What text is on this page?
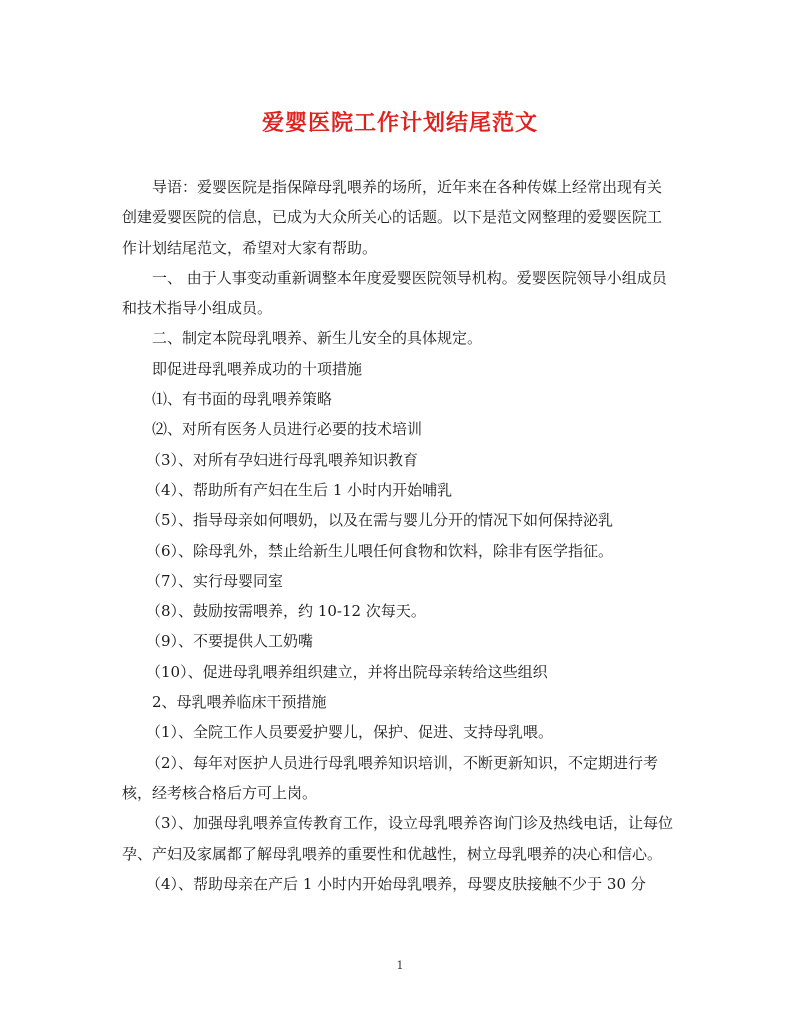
爱婴医院工作计划结尾范文

导语：爱婴医院是指保障母乳喂养的场所，近年来在各种传媒上经常出现有关创建爱婴医院的信息，已成为大众所关心的话题。以下是范文网整理的爱婴医院工作计划结尾范文，希望对大家有帮助。

一、 由于人事变动重新调整本年度爱婴医院领导机构。爱婴医院领导小组成员和技术指导小组成员。

二、制定本院母乳喂养、新生儿安全的具体规定。

即促进母乳喂养成功的十项措施

⑴、有书面的母乳喂养策略

⑵、对所有医务人员进行必要的技术培训

（3）、对所有孕妇进行母乳喂养知识教育

（4）、帮助所有产妇在生后 1 小时内开始哺乳

（5）、指导母亲如何喂奶，以及在需与婴儿分开的情况下如何保持泌乳

（6）、除母乳外，禁止给新生儿喂任何食物和饮料，除非有医学指征。

（7）、实行母婴同室

（8）、鼓励按需喂养，约 10-12 次每天。

（9）、不要提供人工奶嘴

（10）、促进母乳喂养组织建立，并将出院母亲转给这些组织

2、母乳喂养临床干预措施

（1）、全院工作人员要爱护婴儿，保护、促进、支持母乳喂。

（2）、每年对医护人员进行母乳喂养知识培训，不断更新知识，不定期进行考核，经考核合格后方可上岗。

（3）、加强母乳喂养宣传教育工作，设立母乳喂养咨询门诊及热线电话，让每位孕、产妇及家属都了解母乳喂养的重要性和优越性，树立母乳喂养的决心和信心。

（4）、帮助母亲在产后 1 小时内开始母乳喂养，母婴皮肤接触不少于 30 分

1
